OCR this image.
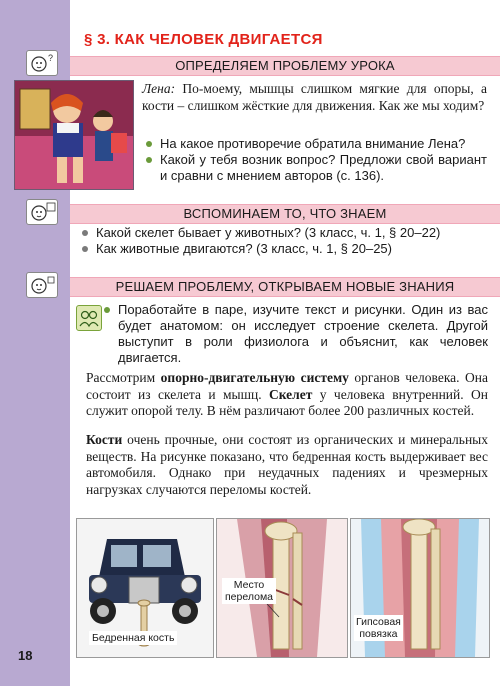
18
§ 3. КАК ЧЕЛОВЕК ДВИГАЕТСЯ
?	ОПРЕДЕЛЯЕМ ПРОБЛЕМУ УРОКА
Лена: По-моему, мышцы слишком мягкие для опоры, а кости – слишком жёсткие для движения. Как же мы ходим?
На какое противоречие обратила внимание Лена?
Какой у тебя возник вопрос? Предложи свой вариант и сравни с мнением авторов (с. 136).
ВСПОМИНАЕМ ТО, ЧТО ЗНАЕМ
Какой скелет бывает у животных? (3 класс, ч. 1, § 20–22)
Как животные двигаются? (3 класс, ч. 1, § 20–25)
РЕШАЕМ ПРОБЛЕМУ, ОТКРЫВАЕМ НОВЫЕ ЗНАНИЯ
Поработайте в паре, изучите текст и рисунки. Один из вас будет анатомом: он исследует строение скелета. Другой выступит в роли физиолога и объяснит, как человек двигается.

Рассмотрим опорно-двигательную систему органов человека. Она состоит из скелета и мышц. Скелет у человека внутренний. Он служит опорой телу. В нём различают более 200 различных костей.

Кости очень прочные, они состоят из органических и минеральных веществ. На рисунке показано, что бедренная кость выдерживает вес автомобиля. Однако при неудачных падениях и чрезмерных нагрузках случаются переломы костей.

Бедренная кость
Место
перелома
Гипсовая
повязка
